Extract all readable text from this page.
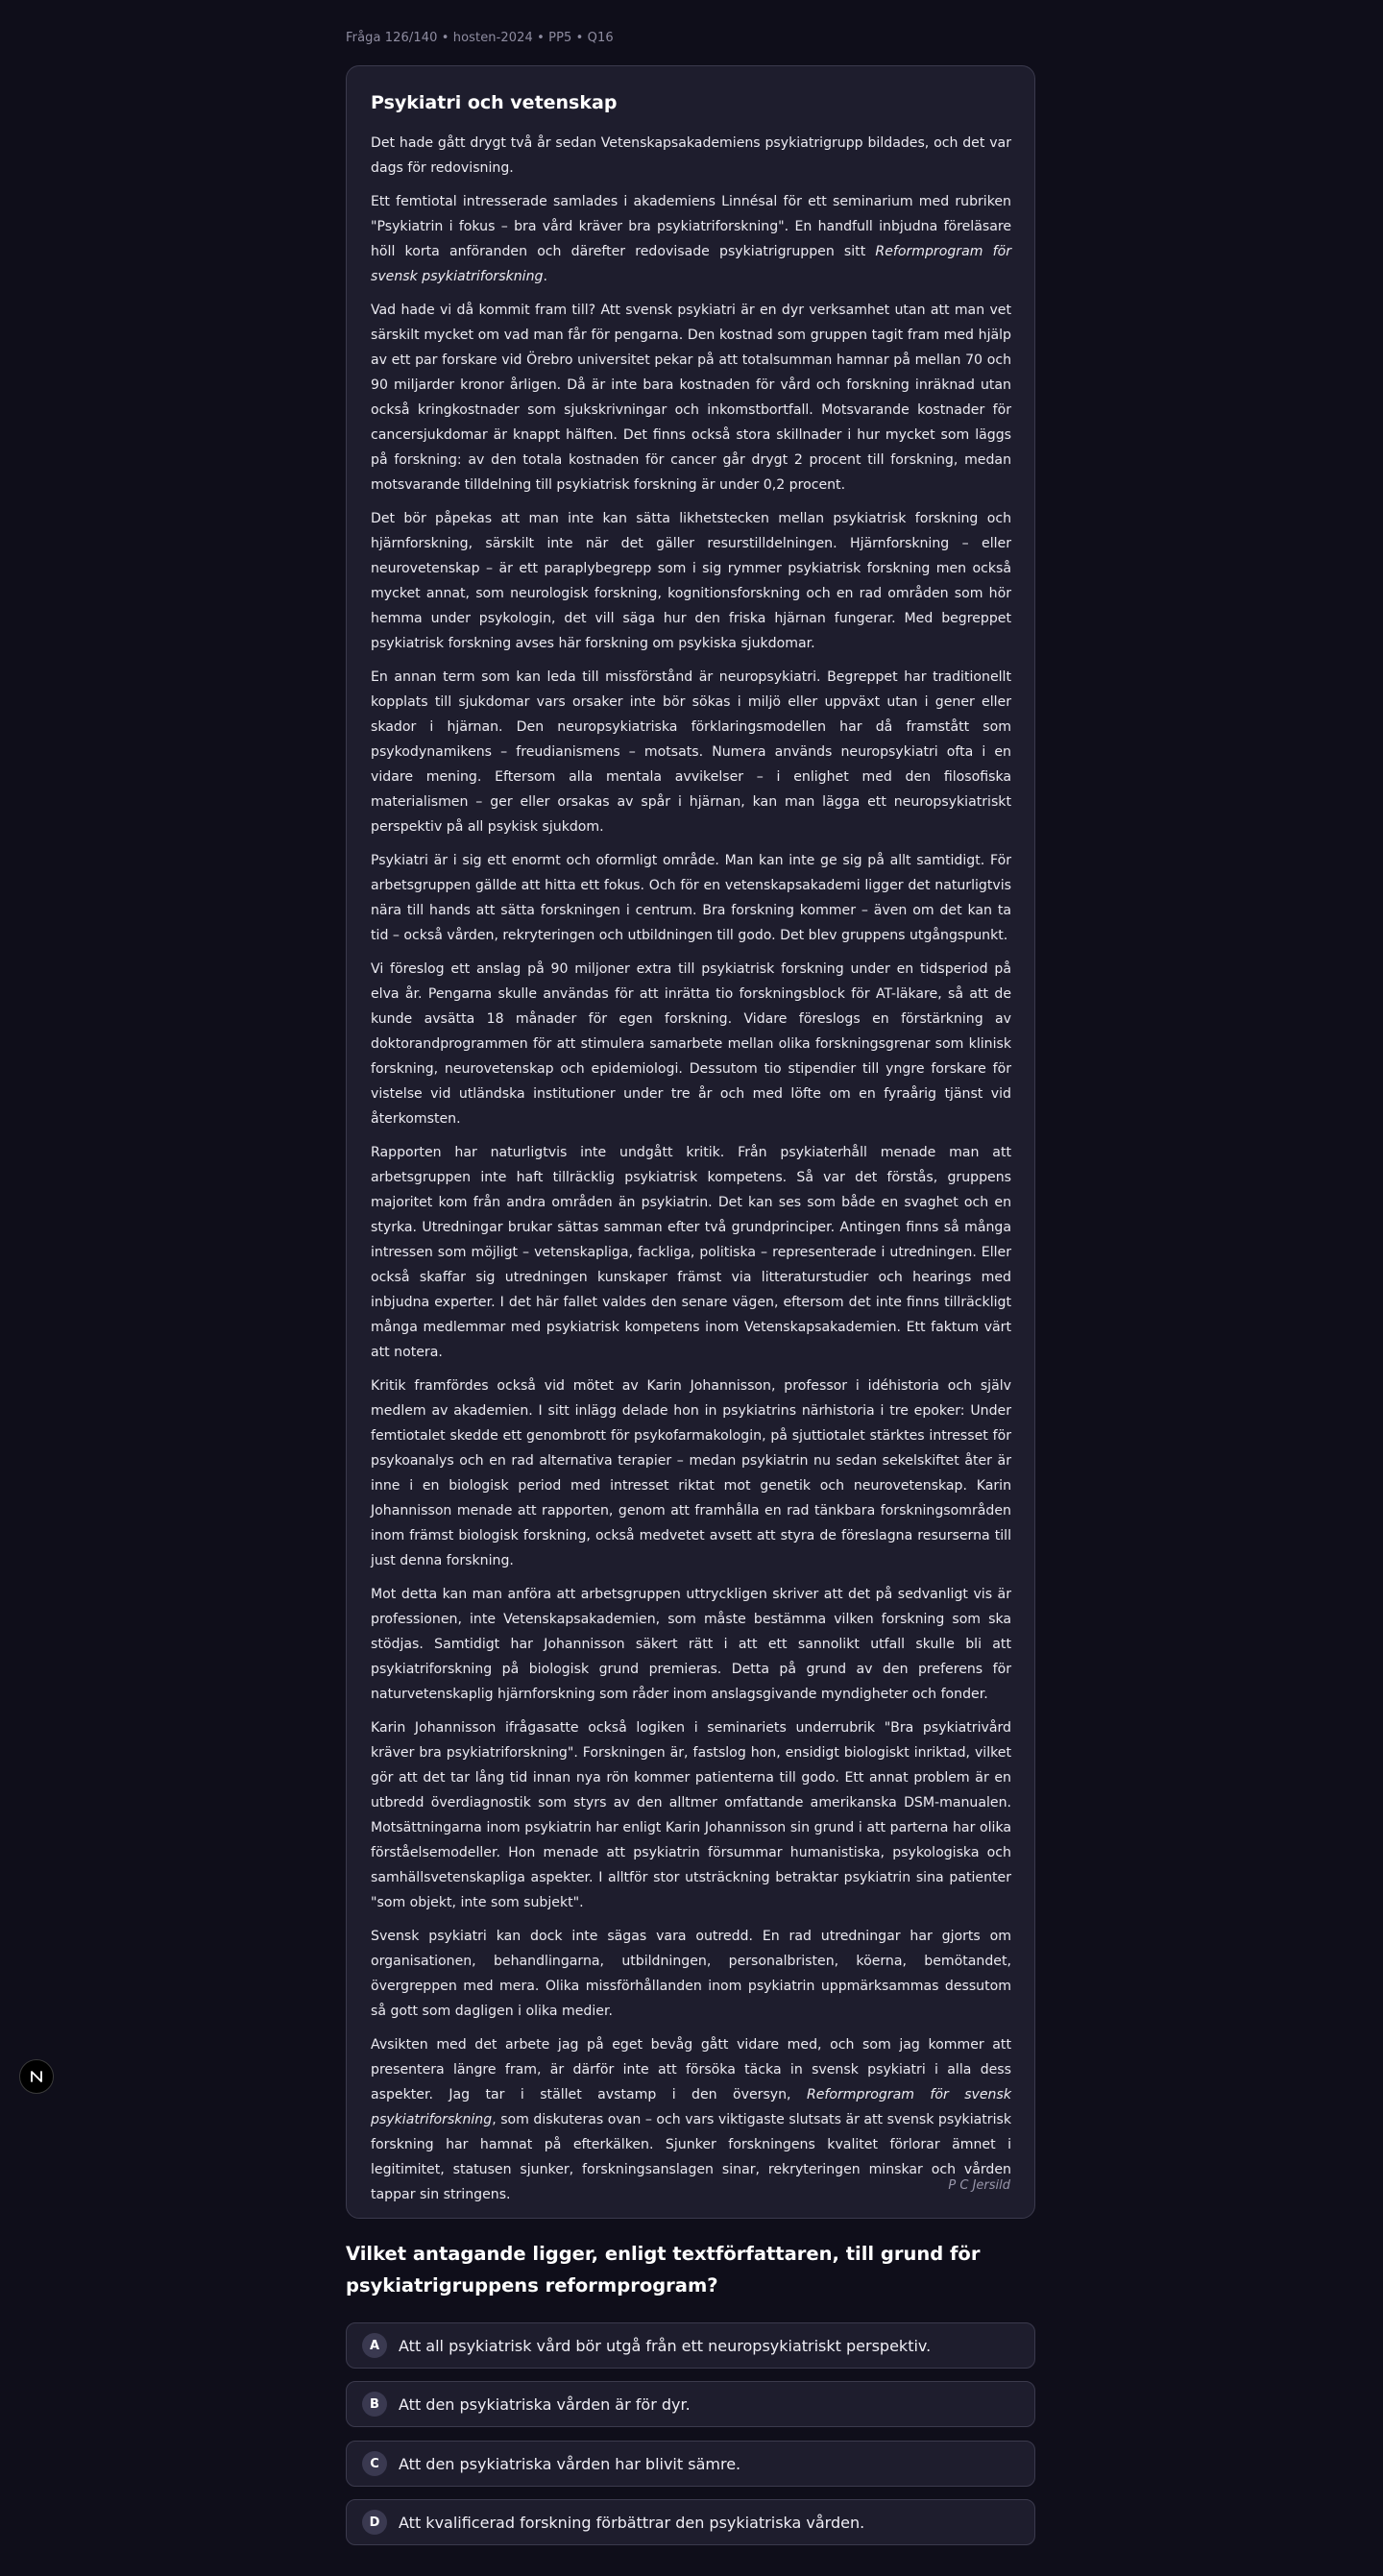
Fråga 126/140 • hosten-2024 • PP5 • Q16
Psykiatri och vetenskap

Det hade gått drygt två år sedan Vetenskapsakademiens psykiatrigrupp bildades, och det var dags för redovisning.

Ett femtiotal intresserade samlades i akademiens Linnésal för ett seminarium med rubriken "Psykiatrin i fokus – bra vård kräver bra psykiatriforskning". En handfull inbjudna föreläsare höll korta anföranden och därefter redovisade psykiatrigruppen sitt Reformprogram för svensk psykiatriforskning.

Vad hade vi då kommit fram till? Att svensk psykiatri är en dyr verksamhet utan att man vet särskilt mycket om vad man får för pengarna. Den kostnad som gruppen tagit fram med hjälp av ett par forskare vid Örebro universitet pekar på att totalsumman hamnar på mellan 70 och 90 miljarder kronor årligen. Då är inte bara kostnaden för vård och forskning inräknad utan också kringkostnader som sjukskrivningar och inkomstbortfall. Motsvarande kostnader för cancersjukdomar är knappt hälften. Det finns också stora skillnader i hur mycket som läggs på forskning: av den totala kostnaden för cancer går drygt 2 procent till forskning, medan motsvarande tilldelning till psykiatrisk forskning är under 0,2 procent.

Det bör påpekas att man inte kan sätta likhetstecken mellan psykiatrisk forskning och hjärnforskning, särskilt inte när det gäller resurstilldelningen. Hjärnforskning – eller neurovetenskap – är ett paraplybegrepp som i sig rymmer psykiatrisk forskning men också mycket annat, som neurologisk forskning, kognitionsforskning och en rad områden som hör hemma under psykologin, det vill säga hur den friska hjärnan fungerar. Med begreppet psykiatrisk forskning avses här forskning om psykiska sjukdomar.

En annan term som kan leda till missförstånd är neuropsykiatri. Begreppet har traditionellt kopplats till sjukdomar vars orsaker inte bör sökas i miljö eller uppväxt utan i gener eller skador i hjärnan. Den neuropsykiatriska förklaringsmodellen har då framstått som psykodynamikens – freudianismens – motsats. Numera används neuropsykiatri ofta i en vidare mening. Eftersom alla mentala avvikelser – i enlighet med den filosofiska materialismen – ger eller orsakas av spår i hjärnan, kan man lägga ett neuropsykiatriskt perspektiv på all psykisk sjukdom.

Psykiatri är i sig ett enormt och oformligt område. Man kan inte ge sig på allt samtidigt. För arbetsgruppen gällde att hitta ett fokus. Och för en vetenskapsakademi ligger det naturligtvis nära till hands att sätta forskningen i centrum. Bra forskning kommer – även om det kan ta tid – också vården, rekryteringen och utbildningen till godo. Det blev gruppens utgångspunkt.

Vi föreslog ett anslag på 90 miljoner extra till psykiatrisk forskning under en tidsperiod på elva år. Pengarna skulle användas för att inrätta tio forskningsblock för AT-läkare, så att de kunde avsätta 18 månader för egen forskning. Vidare föreslogs en förstärkning av doktorandprogrammen för att stimulera samarbete mellan olika forskningsgrenar som klinisk forskning, neurovetenskap och epidemiologi. Dessutom tio stipendier till yngre forskare för vistelse vid utländska institutioner under tre år och med löfte om en fyraårig tjänst vid återkomsten.

Rapporten har naturligtvis inte undgått kritik. Från psykiaterhåll menade man att arbetsgruppen inte haft tillräcklig psykiatrisk kompetens. Så var det förstås, gruppens majoritet kom från andra områden än psykiatrin. Det kan ses som både en svaghet och en styrka. Utredningar brukar sättas samman efter två grundprinciper. Antingen finns så många intressen som möjligt – vetenskapliga, fackliga, politiska – representerade i utredningen. Eller också skaffar sig utredningen kunskaper främst via litteraturstudier och hearings med inbjudna experter. I det här fallet valdes den senare vägen, eftersom det inte finns tillräckligt många medlemmar med psykiatrisk kompetens inom Vetenskapsakademien. Ett faktum värt att notera.

Kritik framfördes också vid mötet av Karin Johannisson, professor i idéhistoria och själv medlem av akademien. I sitt inlägg delade hon in psykiatrins närhistoria i tre epoker: Under femtiotalet skedde ett genombrott för psykofarmakologin, på sjuttiotalet stärktes intresset för psykoanalys och en rad alternativa terapier – medan psykiatrin nu sedan sekelskiftet åter är inne i en biologisk period med intresset riktat mot genetik och neurovetenskap. Karin Johannisson menade att rapporten, genom att framhålla en rad tänkbara forskningsområden inom främst biologisk forskning, också medvetet avsett att styra de föreslagna resurserna till just denna forskning.

Mot detta kan man anföra att arbetsgruppen uttryckligen skriver att det på sedvanligt vis är professionen, inte Vetenskapsakademien, som måste bestämma vilken forskning som ska stödjas. Samtidigt har Johannisson säkert rätt i att ett sannolikt utfall skulle bli att psykiatriforskning på biologisk grund premieras. Detta på grund av den preferens för naturvetenskaplig hjärnforskning som råder inom anslagsgivande myndigheter och fonder.

Karin Johannisson ifrågasatte också logiken i seminariets underrubrik "Bra psykiatrivård kräver bra psykiatriforskning". Forskningen är, fastslog hon, ensidigt biologiskt inriktad, vilket gör att det tar lång tid innan nya rön kommer patienterna till godo. Ett annat problem är en utbredd överdiagnostik som styrs av den alltmer omfattande amerikanska DSM-manualen. Motsättningarna inom psykiatrin har enligt Karin Johannisson sin grund i att parterna har olika förståelsemodeller. Hon menade att psykiatrin försummar humanistiska, psykologiska och samhällsvetenskapliga aspekter. I alltför stor utsträckning betraktar psykiatrin sina patienter "som objekt, inte som subjekt".

Svensk psykiatri kan dock inte sägas vara outredd. En rad utredningar har gjorts om organisationen, behandlingarna, utbildningen, personalbristen, köerna, bemötandet, övergreppen med mera. Olika missförhållanden inom psykiatrin uppmärksammas dessutom så gott som dagligen i olika medier.

Avsikten med det arbete jag på eget bevåg gått vidare med, och som jag kommer att presentera längre fram, är därför inte att försöka täcka in svensk psykiatri i alla dess aspekter. Jag tar i stället avstamp i den översyn, Reformprogram för svensk psykiatriforskning, som diskuteras ovan – och vars viktigaste slutsats är att svensk psykiatrisk forskning har hamnat på efterkälken. Sjunker forskningens kvalitet förlorar ämnet i legitimitet, statusen sjunker, forskningsanslagen sinar, rekryteringen minskar och vården tappar sin stringens.

P C Jersild
Vilket antagande ligger, enligt textförfattaren, till grund för psykiatrigruppens reformprogram?
A	Att all psykiatrisk vård bör utgå från ett neuropsykiatriskt perspektiv.
B	Att den psykiatriska vården är för dyr.
C	Att den psykiatriska vården har blivit sämre.
D	Att kvalificerad forskning förbättrar den psykiatriska vården.
